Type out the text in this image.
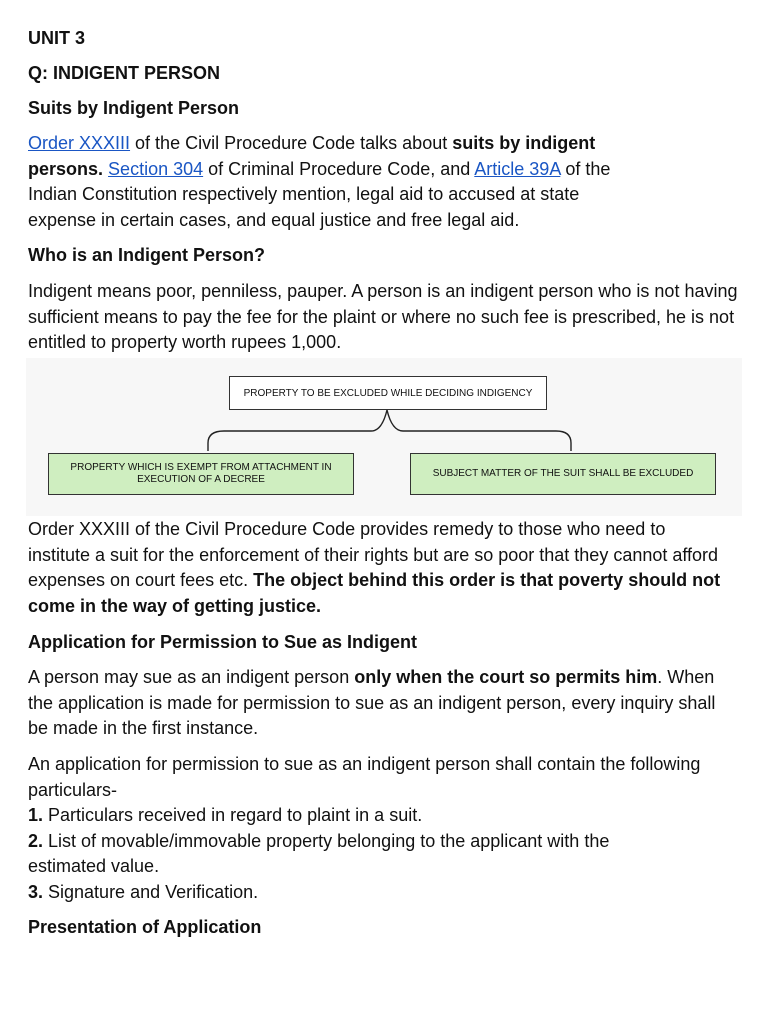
UNIT 3

Q: INDIGENT PERSON

Suits by Indigent Person

Order XXXIII of the Civil Procedure Code talks about suits by indigent persons. Section 304 of Criminal Procedure Code, and Article 39A of the Indian Constitution respectively mention, legal aid to accused at state expense in certain cases, and equal justice and free legal aid.

Who is an Indigent Person?

Indigent means poor, penniless, pauper. A person is an indigent person who is not having sufficient means to pay the fee for the plaint or where no such fee is prescribed, he is not entitled to property worth rupees 1,000.

PROPERTY TO BE EXCLUDED WHILE DECIDING INDIGENCY
PROPERTY WHICH IS EXEMPT FROM ATTACHMENT IN EXECUTION OF A DECREE
SUBJECT MATTER OF THE SUIT SHALL BE EXCLUDED

Order XXXIII of the Civil Procedure Code provides remedy to those who need to institute a suit for the enforcement of their rights but are so poor that they cannot afford expenses on court fees etc. The object behind this order is that poverty should not come in the way of getting justice.

Application for Permission to Sue as Indigent

A person may sue as an indigent person only when the court so permits him. When the application is made for permission to sue as an indigent person, every inquiry shall be made in the first instance.

An application for permission to sue as an indigent person shall contain the following particulars-
1. Particulars received in regard to plaint in a suit.
2. List of movable/immovable property belonging to the applicant with the estimated value.
3. Signature and Verification.

Presentation of Application
